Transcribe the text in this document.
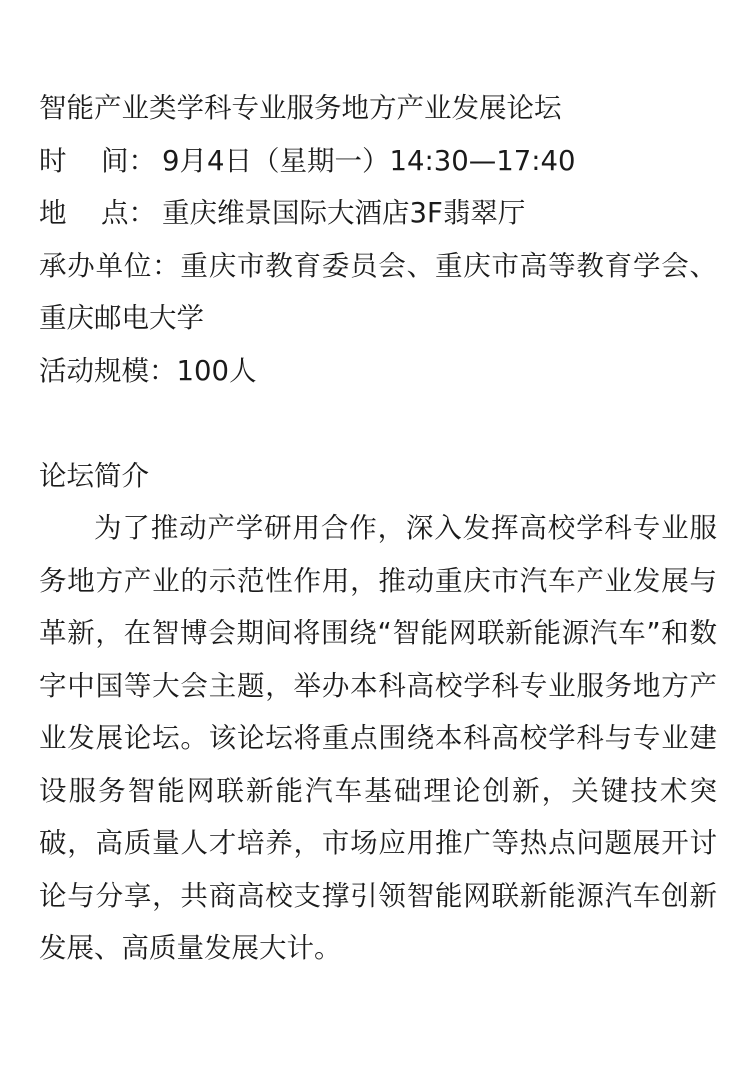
智能产业类学科专业服务地方产业发展论坛
时 间： 9月4日（星期一）14:30—17:40
地 点： 重庆维景国际大酒店3F翡翠厅
承办单位：重庆市教育委员会、重庆市高等教育学会、重庆邮电大学
活动规模：100人
论坛简介
为了推动产学研用合作，深入发挥高校学科专业服务地方产业的示范性作用，推动重庆市汽车产业发展与革新，在智博会期间将围绕“智能网联新能源汽车”和数字中国等大会主题，举办本科高校学科专业服务地方产业发展论坛。该论坛将重点围绕本科高校学科与专业建设服务智能网联新能汽车基础理论创新，关键技术突破，高质量人才培养，市场应用推广等热点问题展开讨论与分享，共商高校支撑引领智能网联新能源汽车创新发展、高质量发展大计。
